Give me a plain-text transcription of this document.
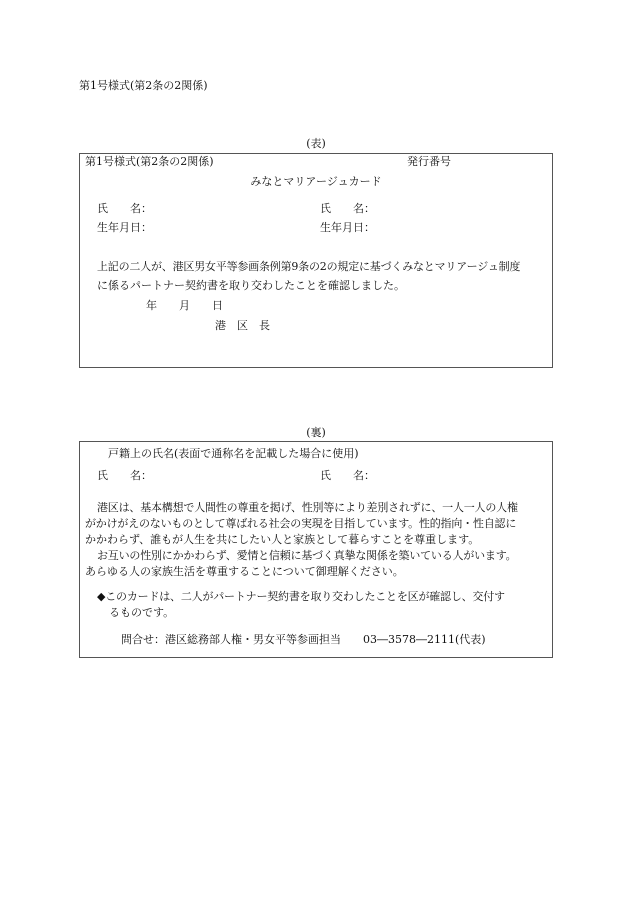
第1号様式(第2条の2関係)
(表)
第1号様式(第2条の2関係)	発行番号
みなとマリアージュカード
氏　　名：	氏　　名：
生年月日：	生年月日：
上記の二人が、港区男女平等参画条例第9条の2の規定に基づくみなとマリアージュ制度
に係るパートナー契約書を取り交わしたことを確認しました。
年　　月　　日
港　区　長
(裏)
戸籍上の氏名(表面で通称名を記載した場合に使用)
氏　　名：	氏　　名：
港区は、基本構想で人間性の尊重を掲げ、性別等により差別されずに、一人一人の人権
がかけがえのないものとして尊ばれる社会の実現を目指しています。性的指向・性自認に
かかわらず、誰もが人生を共にしたい人と家族として暮らすことを尊重します。
お互いの性別にかかわらず、愛情と信頼に基づく真摯な関係を築いている人がいます。
あらゆる人の家族生活を尊重することについて御理解ください。
◆このカードは、二人がパートナー契約書を取り交わしたことを区が確認し、交付す
るものです。
問合せ：港区総務部人権・男女平等参画担当　　03―3578―2111(代表)
